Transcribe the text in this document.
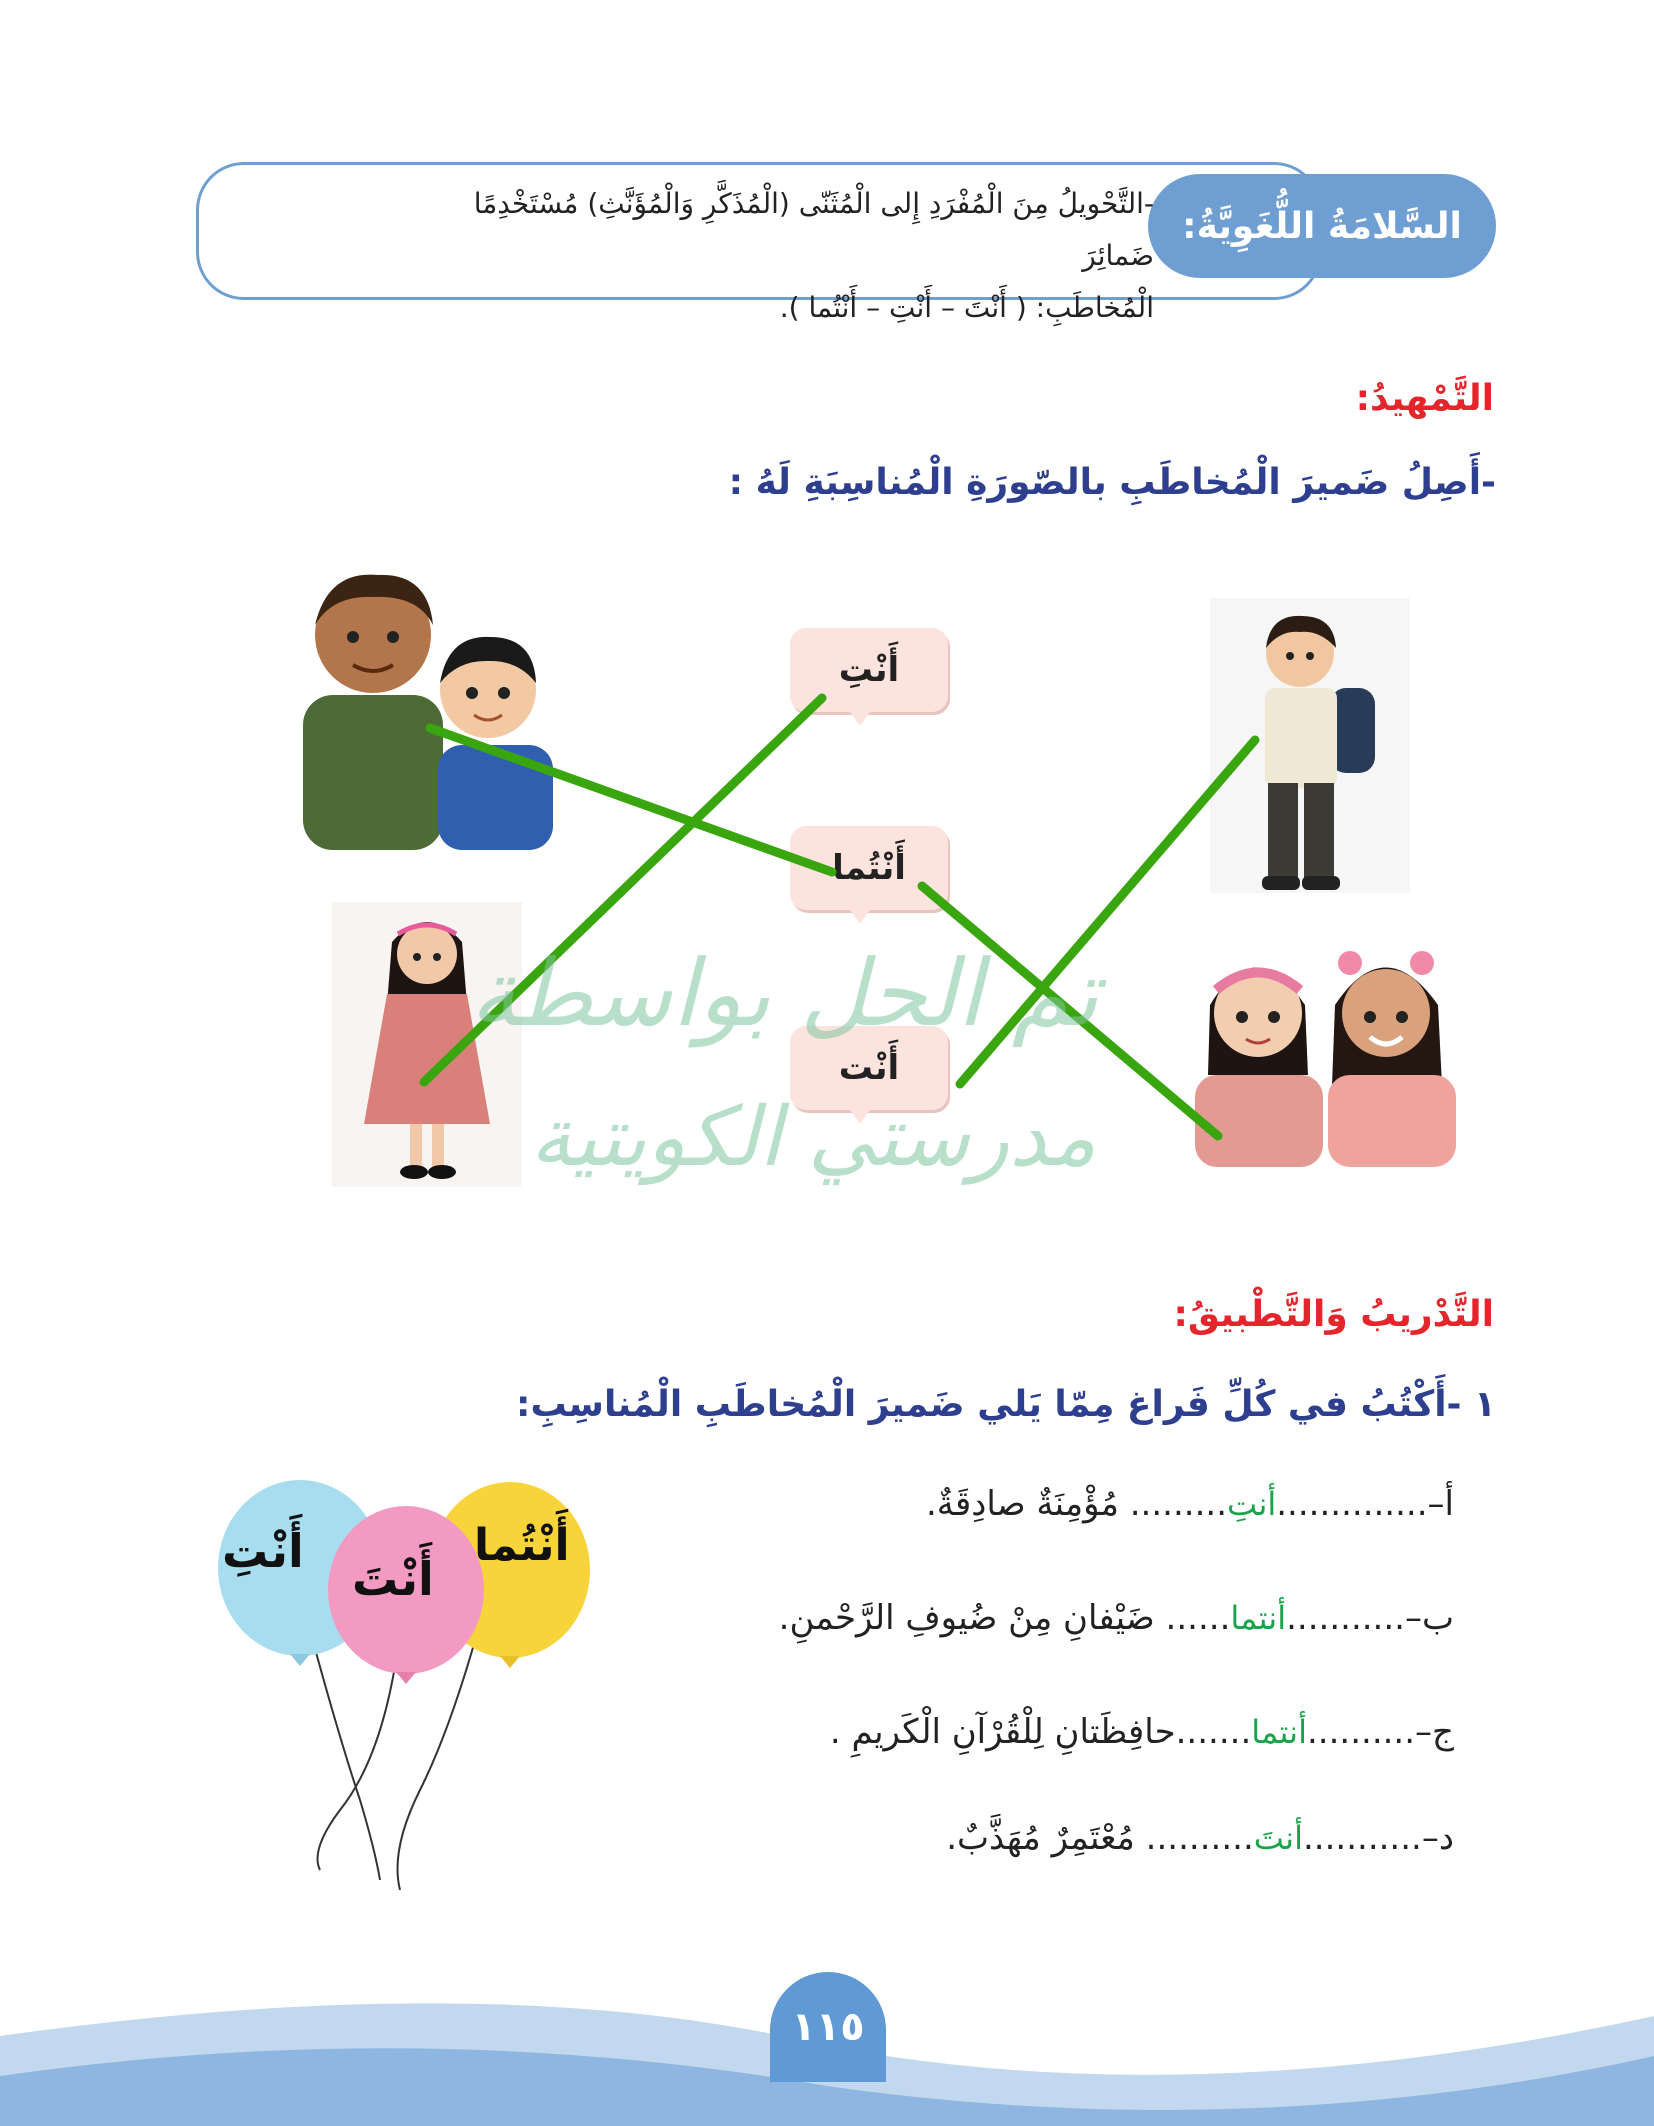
السَّلامَةُ اللُّغَوِيَّةُ:
-التَّحْويلُ مِنَ الْمُفْرَدِ إِلى الْمُثَنّى (الْمُذَكَّرِ وَالْمُؤَنَّثِ) مُسْتَخْدِمًا ضَمائِرَ
الْمُخاطَبِ: ( أَنْتَ – أَنْتِ – أَنْتُما ).
التَّمْهيدُ:
-أَصِلُ ضَميرَ الْمُخاطَبِ بالصّورَةِ الْمُناسِبَةِ لَهُ :
أَنْتِ
أَنْتُما
أَنْت
تم الحل بواسطة
مدرستي الكويتية
التَّدْريبُ وَالتَّطْبيقُ:
١ -أَكْتُبُ في كُلِّ فَراغ مِمّا يَلي ضَميرَ الْمُخاطَبِ الْمُناسِبِ:
أ–..............أنتِ......... مُؤْمِنَةٌ صادِقَةٌ.
ب–...........أنتما...... ضَيْفانِ مِنْ ضُيوفِ الرَّحْمنِ.
ج–..........أنتما.......حافِظَتانِ لِلْقُرْآنِ الْكَريمِ .
د–...........أنتَ.......... مُعْتَمِرٌ مُهَذَّبٌ.
أَنْتِ
أَنْتَ
أَنْتُما
١١٥
